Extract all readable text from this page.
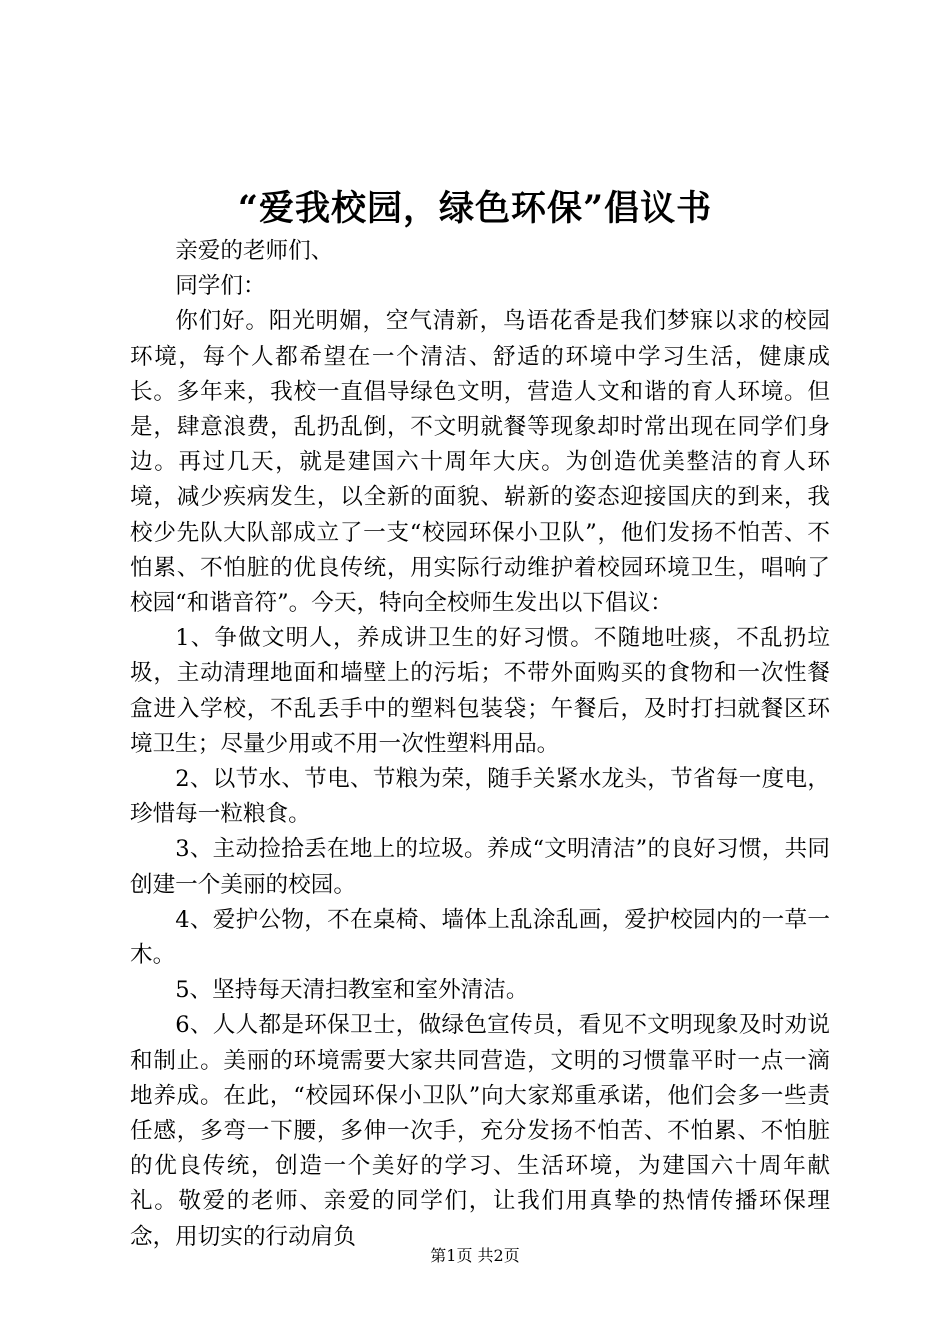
“爱我校园，绿色环保”倡议书

亲爱的老师们、

同学们：

你们好。阳光明媚，空气清新，鸟语花香是我们梦寐以求的校园环境，每个人都希望在一个清洁、舒适的环境中学习生活，健康成长。多年来，我校一直倡导绿色文明，营造人文和谐的育人环境。但是，肆意浪费，乱扔乱倒，不文明就餐等现象却时常出现在同学们身边。再过几天，就是建国六十周年大庆。为创造优美整洁的育人环境，减少疾病发生，以全新的面貌、崭新的姿态迎接国庆的到来，我校少先队大队部成立了一支“校园环保小卫队”，他们发扬不怕苦、不怕累、不怕脏的优良传统，用实际行动维护着校园环境卫生，唱响了校园“和谐音符”。今天，特向全校师生发出以下倡议：

1、争做文明人，养成讲卫生的好习惯。不随地吐痰，不乱扔垃圾，主动清理地面和墙壁上的污垢；不带外面购买的食物和一次性餐盒进入学校，不乱丢手中的塑料包装袋；午餐后，及时打扫就餐区环境卫生；尽量少用或不用一次性塑料用品。

2、以节水、节电、节粮为荣，随手关紧水龙头，节省每一度电，珍惜每一粒粮食。

3、主动捡拾丢在地上的垃圾。养成“文明清洁”的良好习惯，共同创建一个美丽的校园。

4、爱护公物，不在桌椅、墙体上乱涂乱画，爱护校园内的一草一木。

5、坚持每天清扫教室和室外清洁。

6、人人都是环保卫士，做绿色宣传员，看见不文明现象及时劝说和制止。美丽的环境需要大家共同营造，文明的习惯靠平时一点一滴地养成。在此，“校园环保小卫队”向大家郑重承诺，他们会多一些责任感，多弯一下腰，多伸一次手，充分发扬不怕苦、不怕累、不怕脏的优良传统，创造一个美好的学习、生活环境，为建国六十周年献礼。敬爱的老师、亲爱的同学们，让我们用真挚的热情传播环保理念，用切实的行动肩负

第1页 共2页
